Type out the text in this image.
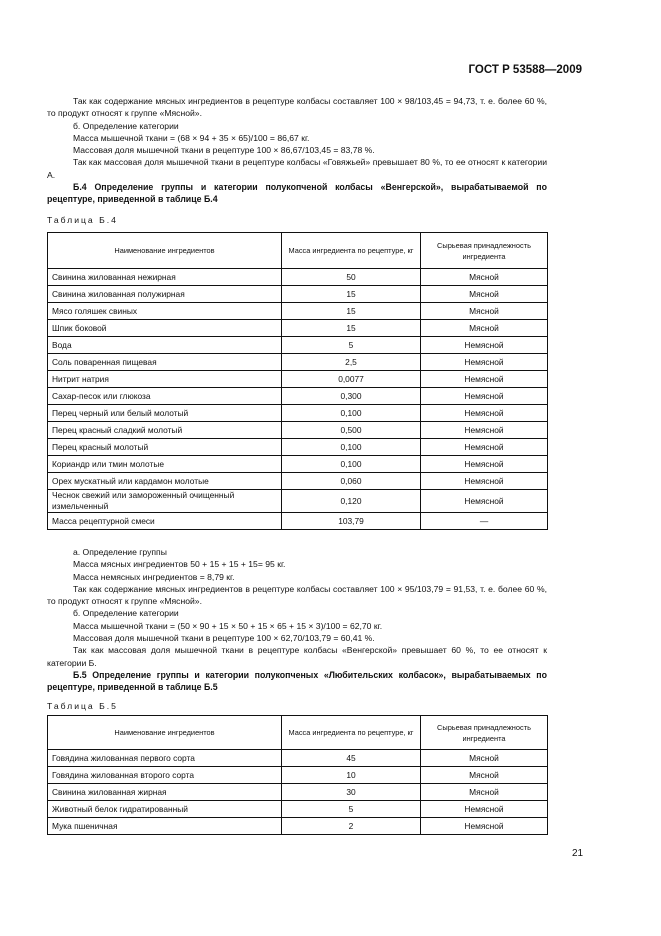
ГОСТ Р 53588—2009

Так как содержание мясных ингредиентов в рецептуре колбасы составляет 100 × 98/103,45 = 94,73, т. е. более 60 %, то продукт относят к группе «Мясной».

б. Определение категории

Масса мышечной ткани = (68 × 94 + 35 × 65)/100 = 86,67 кг.

Массовая доля мышечной ткани в рецептуре 100 × 86,67/103,45 = 83,78 %.

Так как массовая доля мышечной ткани в рецептуре колбасы «Говяжьей» превышает 80 %, то ее относят к категории А.

Б.4 Определение группы и категории полукопченой колбасы «Венгерской», вырабатываемой по рецептуре, приведенной в таблице Б.4

Таблица Б.4
Наименование ингредиентов	Масса ингредиента по рецептуре, кг	Сырьевая принадлежность ингредиента
Свинина жилованная нежирная	50	Мясной
Свинина жилованная полужирная	15	Мясной
Мясо голяшек свиных	15	Мясной
Шпик боковой	15	Мясной
Вода	5	Немясной
Соль поваренная пищевая	2,5	Немясной
Нитрит натрия	0,0077	Немясной
Сахар-песок или глюкоза	0,300	Немясной
Перец черный или белый молотый	0,100	Немясной
Перец красный сладкий молотый	0,500	Немясной
Перец красный молотый	0,100	Немясной
Кориандр или тмин молотые	0,100	Немясной
Орех мускатный или кардамон молотые	0,060	Немясной
Чеснок свежий или замороженный очищенный измельченный	0,120	Немясной
Масса рецептурной смеси	103,79	—

а. Определение группы

Масса мясных ингредиентов 50 + 15 + 15 + 15= 95 кг.

Масса немясных ингредиентов = 8,79 кг.

Так как содержание мясных ингредиентов в рецептуре колбасы составляет 100 × 95/103,79 = 91,53, т. е. более 60 %, то продукт относят к группе «Мясной».

б. Определение категории

Масса мышечной ткани = (50 × 90 + 15 × 50 + 15 × 65 + 15 × 3)/100 = 62,70 кг.

Массовая доля мышечной ткани в рецептуре 100 × 62,70/103,79 = 60,41 %.

Так как массовая доля мышечной ткани в рецептуре колбасы «Венгерской» превышает 60 %, то ее относят к категории Б.

Б.5 Определение группы и категории полукопченых «Любительских колбасок», вырабатываемых по рецептуре, приведенной в таблице Б.5

Таблица Б.5
Наименование ингредиентов	Масса ингредиента по рецептуре, кг	Сырьевая принадлежность ингредиента
Говядина жилованная первого сорта	45	Мясной
Говядина жилованная второго сорта	10	Мясной
Свинина жилованная жирная	30	Мясной
Животный белок гидратированный	5	Немясной
Мука пшеничная	2	Немясной
21
